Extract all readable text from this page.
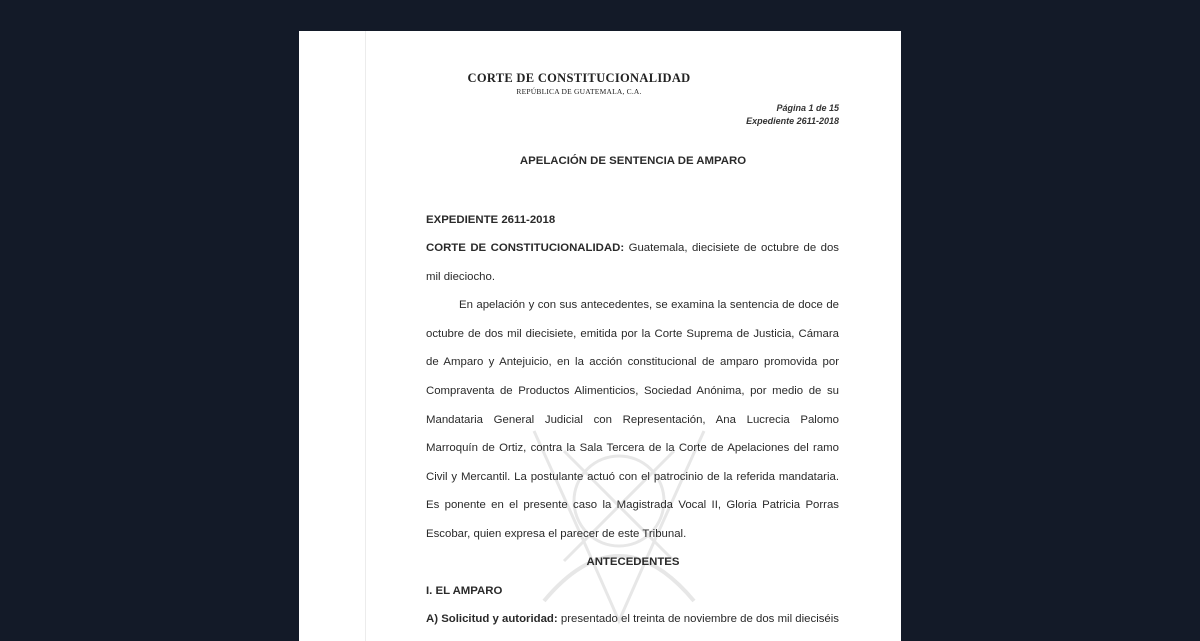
CORTE DE CONSTITUCIONALIDAD
REPÚBLICA DE GUATEMALA, C.A.
Página 1 de 15
Expediente 2611-2018
APELACIÓN DE SENTENCIA DE AMPARO
EXPEDIENTE 2611-2018
CORTE DE CONSTITUCIONALIDAD: Guatemala, diecisiete de octubre de dos
mil dieciocho.
En apelación y con sus antecedentes, se examina la sentencia de doce de
octubre de dos mil diecisiete, emitida por la Corte Suprema de Justicia, Cámara
de Amparo y Antejuicio, en la acción constitucional de amparo promovida por
Compraventa de Productos Alimenticios, Sociedad Anónima, por medio de su
Mandataria General Judicial con Representación, Ana Lucrecia Palomo
Marroquín de Ortiz, contra la Sala Tercera de la Corte de Apelaciones del ramo
Civil y Mercantil. La postulante actuó con el patrocinio de la referida mandataria.
Es ponente en el presente caso la Magistrada Vocal II, Gloria Patricia Porras
Escobar, quien expresa el parecer de este Tribunal.
I. EL AMPARO
A) Solicitud y autoridad: presentado el treinta de noviembre de dos mil dieciséis
ANTECEDENTES
